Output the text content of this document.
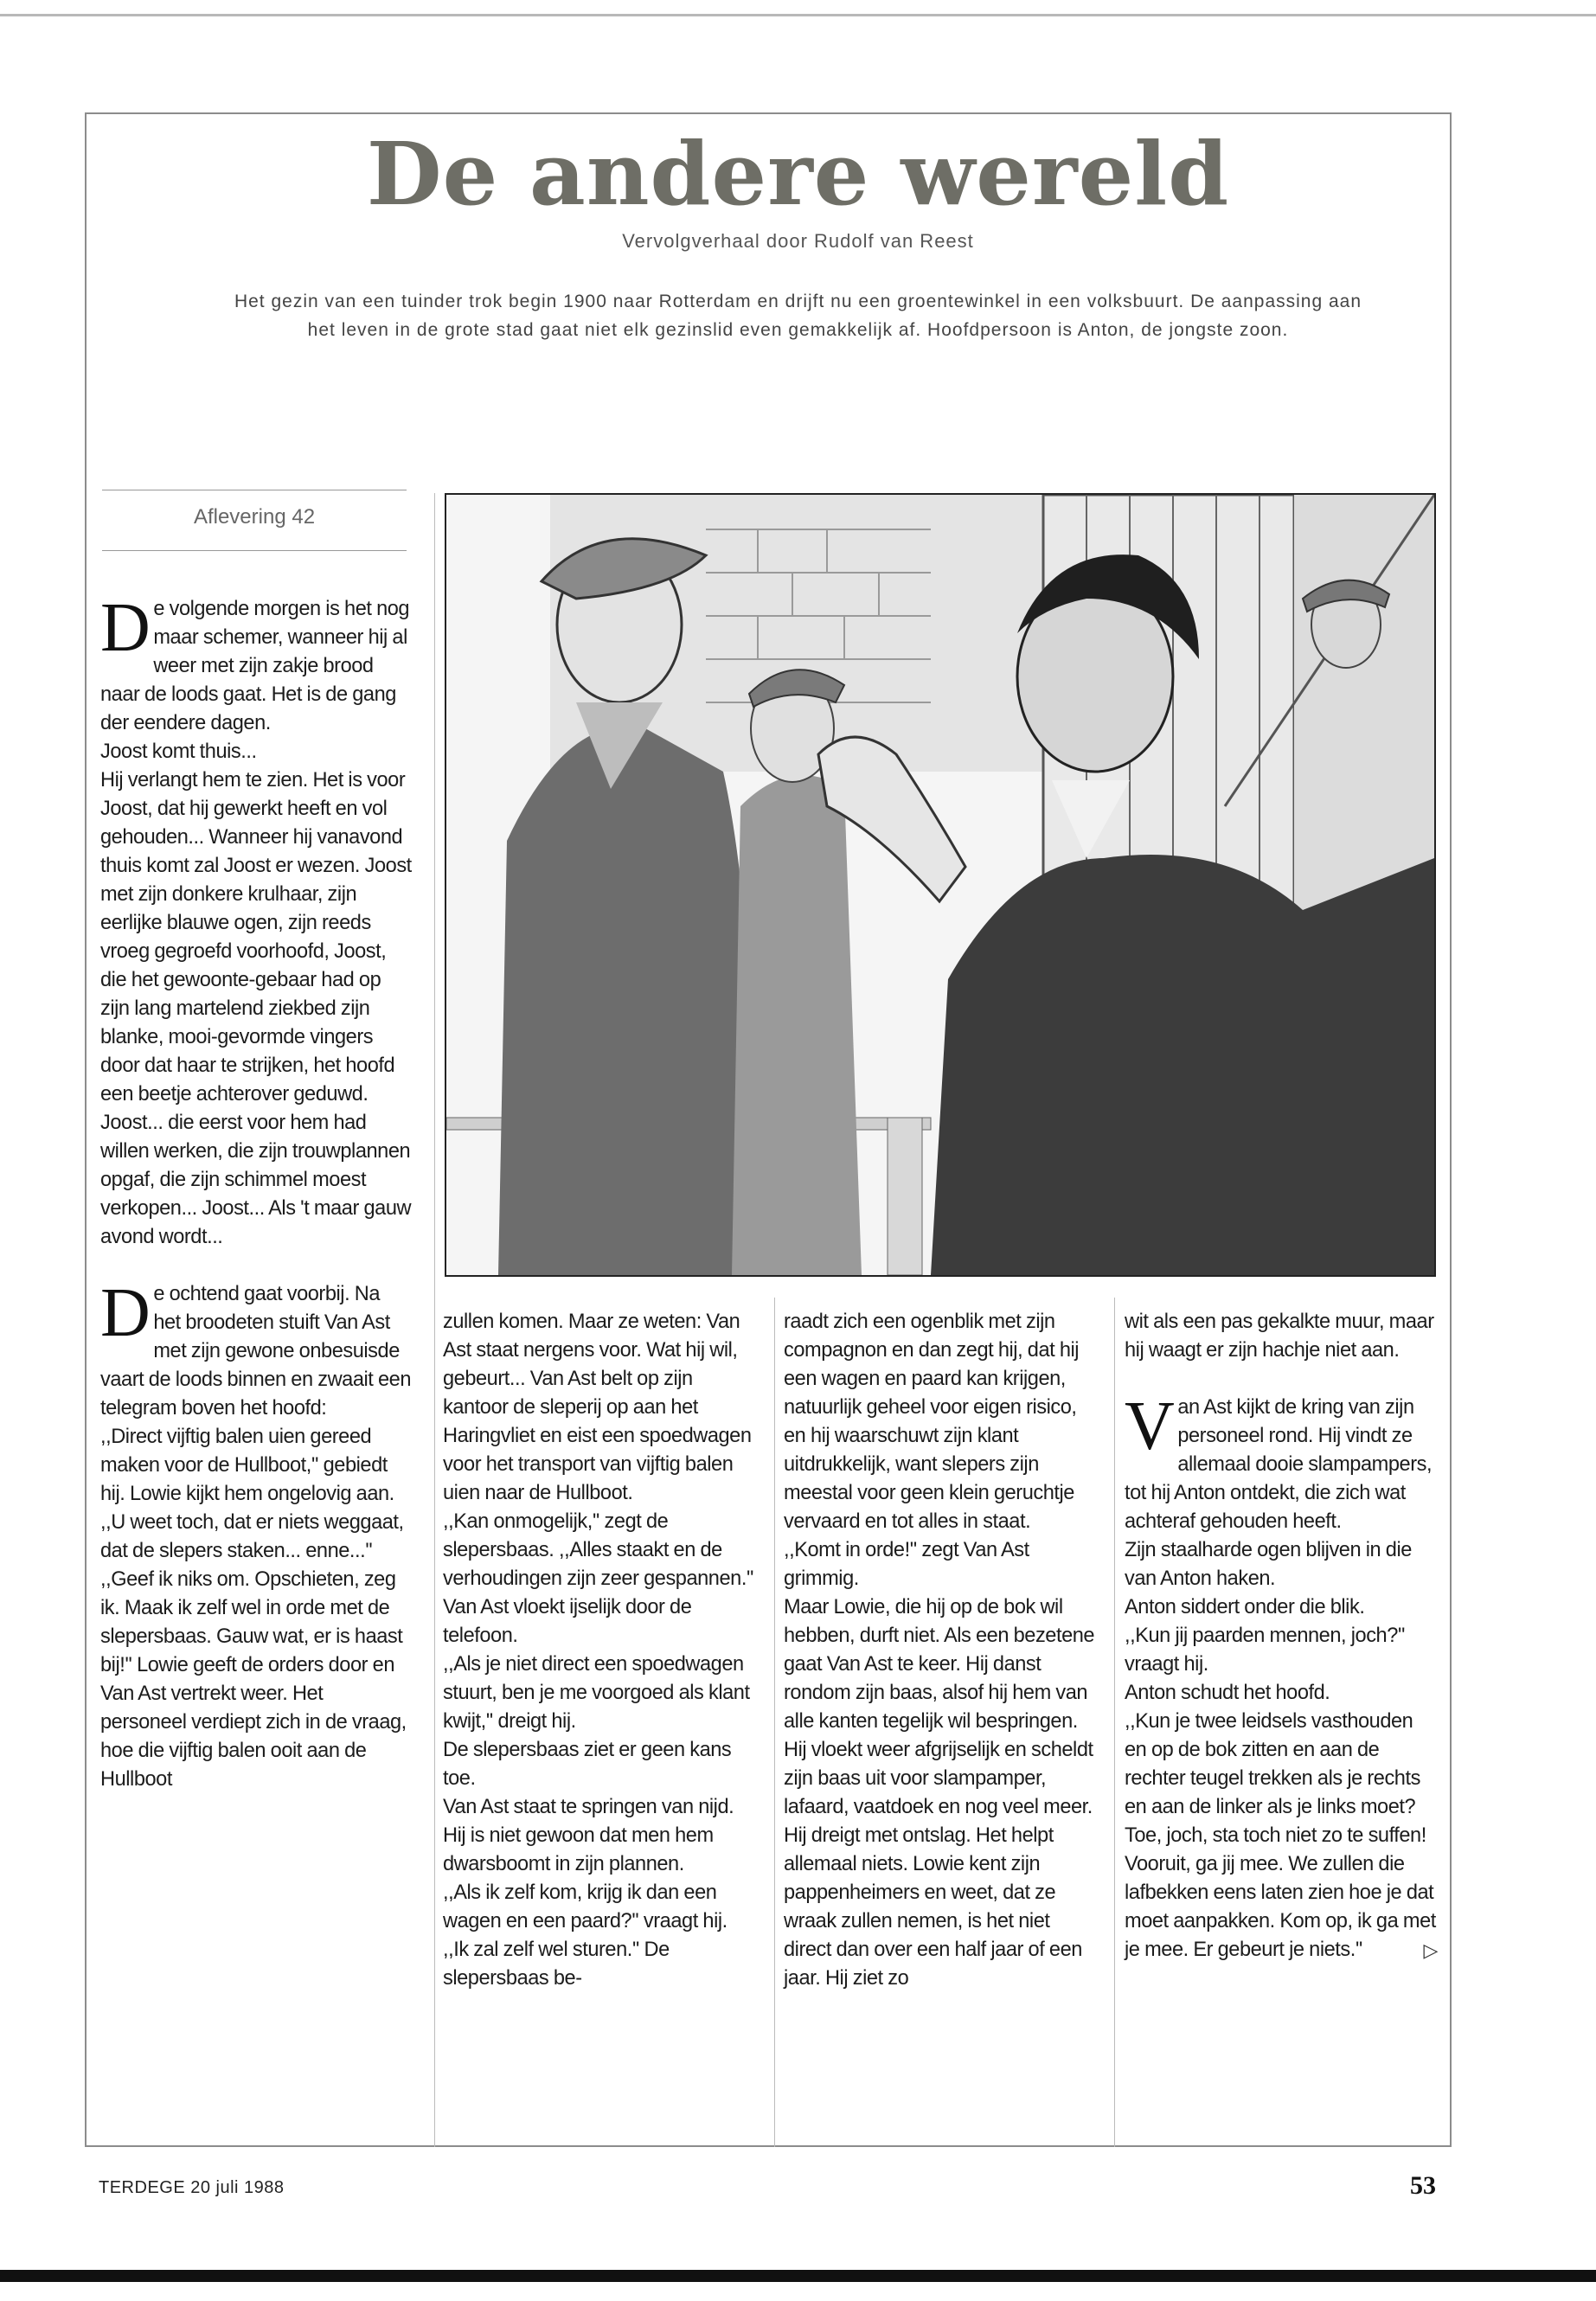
De andere wereld
Vervolgverhaal door Rudolf van Reest

Het gezin van een tuinder trok begin 1900 naar Rotterdam en drijft nu een groentewinkel in een volksbuurt. De aanpassing aan het leven in de grote stad gaat niet elk gezinslid even gemakkelijk af. Hoofdpersoon is Anton, de jongste zoon.

Aflevering 42

De volgende morgen is het nog maar schemer, wanneer hij al weer met zijn zakje brood naar de loods gaat. Het is de gang der eendere dagen.

Joost komt thuis...

Hij verlangt hem te zien. Het is voor Joost, dat hij gewerkt heeft en vol gehouden... Wanneer hij vanavond thuis komt zal Joost er wezen. Joost met zijn donkere krulhaar, zijn eerlijke blauwe ogen, zijn reeds vroeg gegroefd voorhoofd, Joost, die het gewoonte-gebaar had op zijn lang martelend ziekbed zijn blanke, mooi-gevormde vingers door dat haar te strijken, het hoofd een beetje achterover geduwd. Joost... die eerst voor hem had willen werken, die zijn trouwplannen opgaf, die zijn schimmel moest verkopen... Joost... Als 't maar gauw avond wordt...

De ochtend gaat voorbij. Na het broodeten stuift Van Ast met zijn gewone onbesuisde vaart de loods binnen en zwaait een telegram boven het hoofd:

,,Direct vijftig balen uien gereed maken voor de Hullboot,'' gebiedt hij. Lowie kijkt hem ongelovig aan.

,,U weet toch, dat er niets weggaat, dat de slepers staken... enne...''

,,Geef ik niks om. Opschieten, zeg ik. Maak ik zelf wel in orde met de slepersbaas. Gauw wat, er is haast bij!'' Lowie geeft de orders door en Van Ast vertrekt weer. Het personeel verdiept zich in de vraag, hoe die vijftig balen ooit aan de Hullboot

zullen komen. Maar ze weten: Van Ast staat nergens voor. Wat hij wil, gebeurt... Van Ast belt op zijn kantoor de sleperij op aan het Haringvliet en eist een spoedwagen voor het transport van vijftig balen uien naar de Hullboot.

,,Kan onmogelijk,'' zegt de slepersbaas. ,,Alles staakt en de verhoudingen zijn zeer gespannen.''

Van Ast vloekt ijselijk door de telefoon.

,,Als je niet direct een spoedwagen stuurt, ben je me voorgoed als klant kwijt,'' dreigt hij.

De slepersbaas ziet er geen kans toe.

Van Ast staat te springen van nijd. Hij is niet gewoon dat men hem dwarsboomt in zijn plannen.

,,Als ik zelf kom, krijg ik dan een wagen en een paard?'' vraagt hij. ,,Ik zal zelf wel sturen.'' De slepersbaas be-

raadt zich een ogenblik met zijn compagnon en dan zegt hij, dat hij een wagen en paard kan krijgen, natuurlijk geheel voor eigen risico, en hij waarschuwt zijn klant uitdrukkelijk, want slepers zijn meestal voor geen klein geruchtje vervaard en tot alles in staat.

,,Komt in orde!'' zegt Van Ast grimmig.

Maar Lowie, die hij op de bok wil hebben, durft niet. Als een bezetene gaat Van Ast te keer. Hij danst rondom zijn baas, alsof hij hem van alle kanten tegelijk wil bespringen. Hij vloekt weer afgrijselijk en scheldt zijn baas uit voor slampamper, lafaard, vaatdoek en nog veel meer. Hij dreigt met ontslag. Het helpt allemaal niets. Lowie kent zijn pappenheimers en weet, dat ze wraak zullen nemen, is het niet direct dan over een half jaar of een jaar. Hij ziet zo

wit als een pas gekalkte muur, maar hij waagt er zijn hachje niet aan.

Van Ast kijkt de kring van zijn personeel rond. Hij vindt ze allemaal dooie slampampers, tot hij Anton ontdekt, die zich wat achteraf gehouden heeft.

Zijn staalharde ogen blijven in die van Anton haken.

Anton siddert onder die blik.

,,Kun jij paarden mennen, joch?'' vraagt hij.

Anton schudt het hoofd.

,,Kun je twee leidsels vasthouden en op de bok zitten en aan de rechter teugel trekken als je rechts en aan de linker als je links moet? Toe, joch, sta toch niet zo te suffen! Vooruit, ga jij mee. We zullen die lafbekken eens laten zien hoe je dat moet aanpakken. Kom op, ik ga met je mee. Er gebeurt je niets.''	▷

TERDEGE 20 juli 1988	53
